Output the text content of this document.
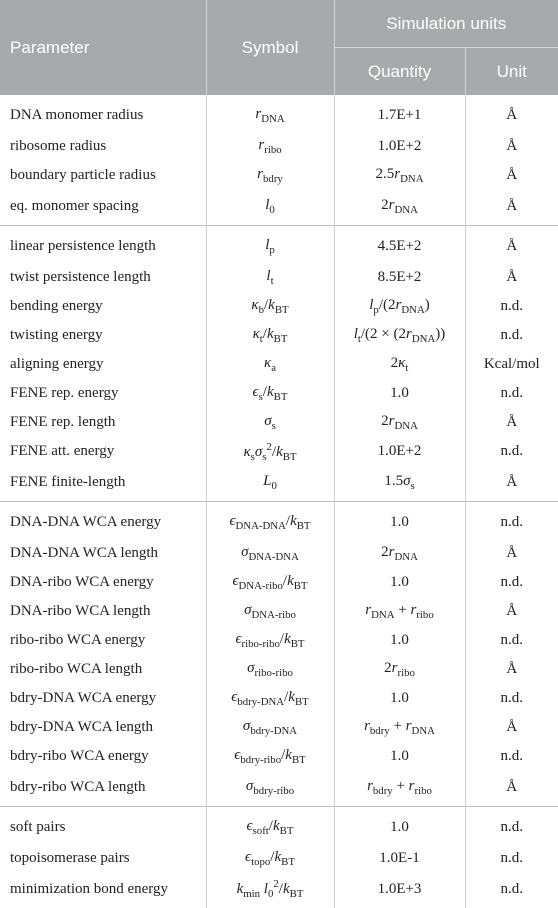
Parameter	Symbol	Simulation units	
		Quantity	Unit
DNA monomer radius	$r_{DNA}$	1.7E+1	Å
ribosome radius	$r_{ribo}$	1.0E+2	Å
boundary particle radius	$r_{bdry}$	$2.5r_{DNA}$	Å
eq. monomer spacing	$l_0$	$2r_{DNA}$	Å
linear persistence length	$l_p$	4.5E+2	Å
twist persistence length	$l_t$	8.5E+2	Å
bending energy	$\kappa_b/k_{BT}$	$l_p/(2r_{DNA})$	n.d.
twisting energy	$\kappa_t/k_{BT}$	$l_t/(2 \times (2r_{DNA}))$	n.d.
aligning energy	$\kappa_a$	$2\kappa_t$	Kcal/mol
FENE rep. energy	$\epsilon_s/k_{BT}$	1.0	n.d.
FENE rep. length	$\sigma_s$	$2r_{DNA}$	Å
FENE att. energy	$\kappa_s\sigma_s^2/k_{BT}$	1.0E+2	n.d.
FENE finite-length	$L_0$	$1.5\sigma_s$	Å
DNA-DNA WCA energy	$\epsilon_{DNA-DNA}/k_{BT}$	1.0	n.d.
DNA-DNA WCA length	$\sigma_{DNA-DNA}$	$2r_{DNA}$	Å
DNA-ribo WCA energy	$\epsilon_{DNA-ribo}/k_{BT}$	1.0	n.d.
DNA-ribo WCA length	$\sigma_{DNA-ribo}$	$r_{DNA} + r_{ribo}$	Å
ribo-ribo WCA energy	$\epsilon_{ribo-ribo}/k_{BT}$	1.0	n.d.
ribo-ribo WCA length	$\sigma_{ribo-ribo}$	$2r_{ribo}$	Å
bdry-DNA WCA energy	$\epsilon_{bdry-DNA}/k_{BT}$	1.0	n.d.
bdry-DNA WCA length	$\sigma_{bdry-DNA}$	$r_{bdry} + r_{DNA}$	Å
bdry-ribo WCA energy	$\epsilon_{bdry-ribo}/k_{BT}$	1.0	n.d.
bdry-ribo WCA length	$\sigma_{bdry-ribo}$	$r_{bdry} + r_{ribo}$	Å
soft pairs	$\epsilon_{soft}/k_{BT}$	1.0	n.d.
topoisomerase pairs	$\epsilon_{topo}/k_{BT}$	1.0E-1	n.d.
minimization bond energy	$k_{min}$ $l_0^2/k_{BT}$	1.0E+3	n.d.
